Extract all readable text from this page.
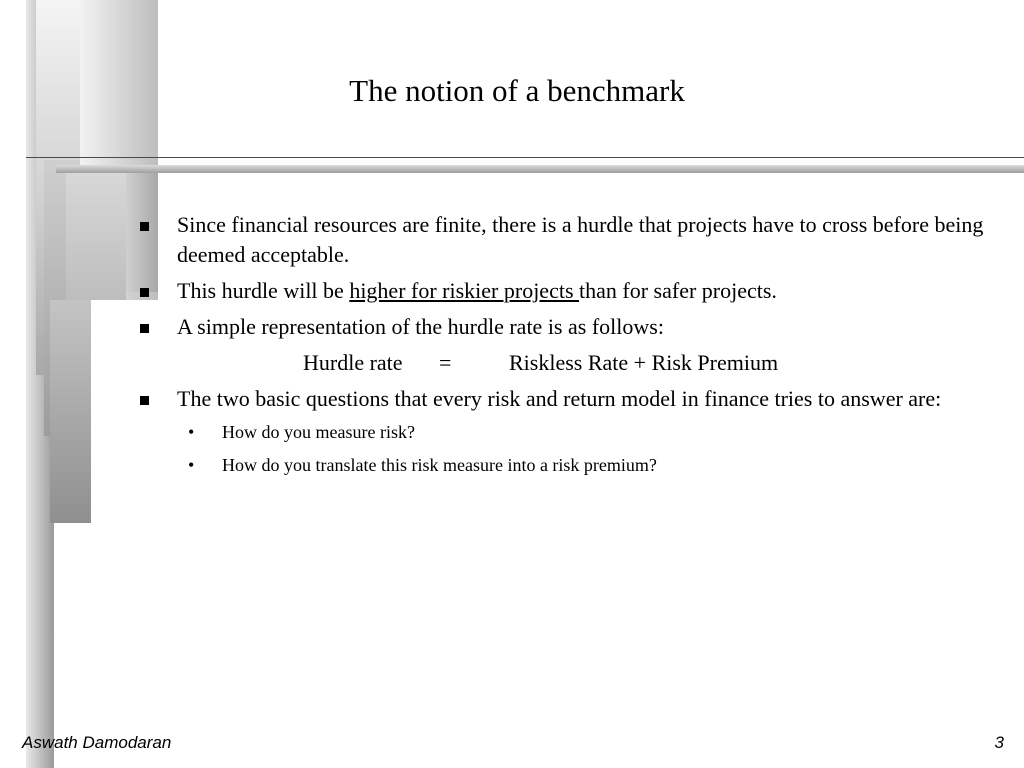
The notion of a benchmark
Since financial resources are finite, there is a hurdle that projects have to cross before being deemed acceptable.
This hurdle will be higher for riskier projects than for safer projects.
A simple representation of the hurdle rate is as follows:
Hurdle rate =	Riskless Rate + Risk Premium
The two basic questions that every risk and return model in finance tries to answer are:
• How do you measure risk?
• How do you translate this risk measure into a risk premium?
Aswath Damodaran	3
